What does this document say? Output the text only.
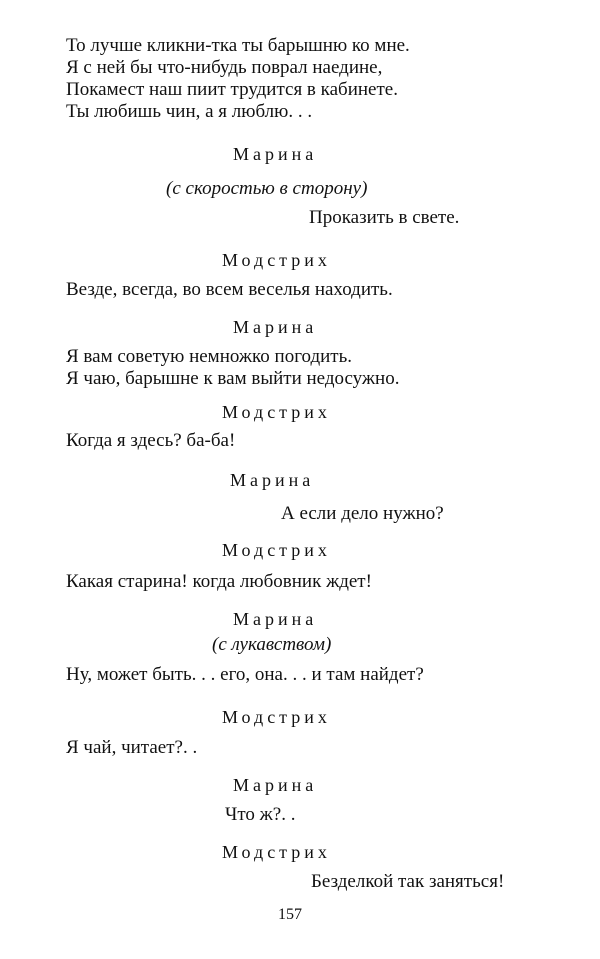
То лучше кликни-тка ты барышню ко мне.
Я с ней бы что-нибудь поврал наедине,
Покамест наш пиит трудится в кабинете.
Ты любишь чин, а я люблю. . .
Марина
(с скоростью в сторону)
Проказить в свете.
Модстрих
Везде, всегда, во всем веселья находить.
Марина
Я вам советую немножко погодить.
Я чаю, барышне к вам выйти недосужно.
Модстрих
Когда я здесь? ба-ба!
Марина
А если дело нужно?
Модстрих
Какая старина! когда любовник ждет!
Марина
(с лукавством)
Ну, может быть. . . его, она. . . и там найдет?
Модстрих
Я чай, читает?. .
Марина
Что ж?. .
Модстрих
Безделкой так заняться!
157
